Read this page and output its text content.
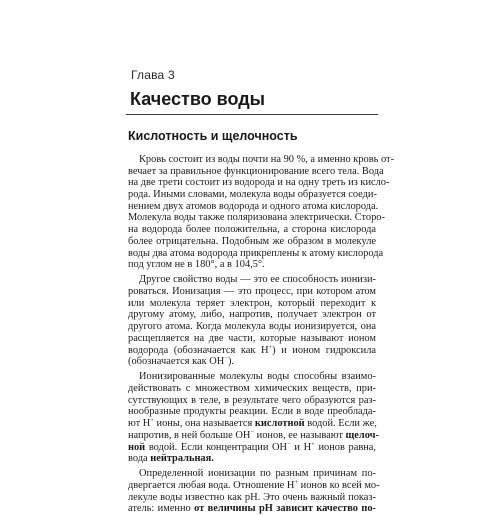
Глава 3
Качество воды
Кислотность и щелочность
Кровь состоит из воды почти на 90 %, а именно кровь от-
вечает за правильное функционирование всего тела. Вода
на две трети состоит из водорода и на одну треть из кисло-
рода. Иными словами, молекула воды образуется соеди-
нением двух атомов водорода и одного атома кислорода.
Молекула воды также поляризована электрически. Сторо-
на водорода более положительна, а сторона кислорода
более отрицательна. Подобным же образом в молекуле
воды два атома водорода прикреплены к атому кислорода
под углом не в 180°, а в 104,5°.
Другое свойство воды — это ее способность ионизи-
роваться. Ионизация — это процесс, при котором атом
или молекула теряет электрон, который переходит к
другому атому, либо, напротив, получает электрон от
другого атома. Когда молекула воды ионизируется, она
расщепляется на две части, которые называют ионом
водорода (обозначается как H+) и ионом гидроксила
(обозначается как OH−).
Ионизированные молекулы воды способны взаимо-
действовать с множеством химических веществ, при-
сутствующих в теле, в результате чего образуются раз-
нообразные продукты реакции. Если в воде преобладa-
ют H+ ионы, она называется кислотной водой. Если же,
напротив, в ней больше OH− ионов, ее называют щелоч-
ной водой. Если концентрации OH− и H+ ионов равна,
вода нейтральная.
Определенной ионизации по разным причинам по-
двергается любая вода. Отношение H+ ионов ко всей мо-
лекуле воды известно как pH. Это очень важный показ-
атель: именно от величины pH зависит качество по-
